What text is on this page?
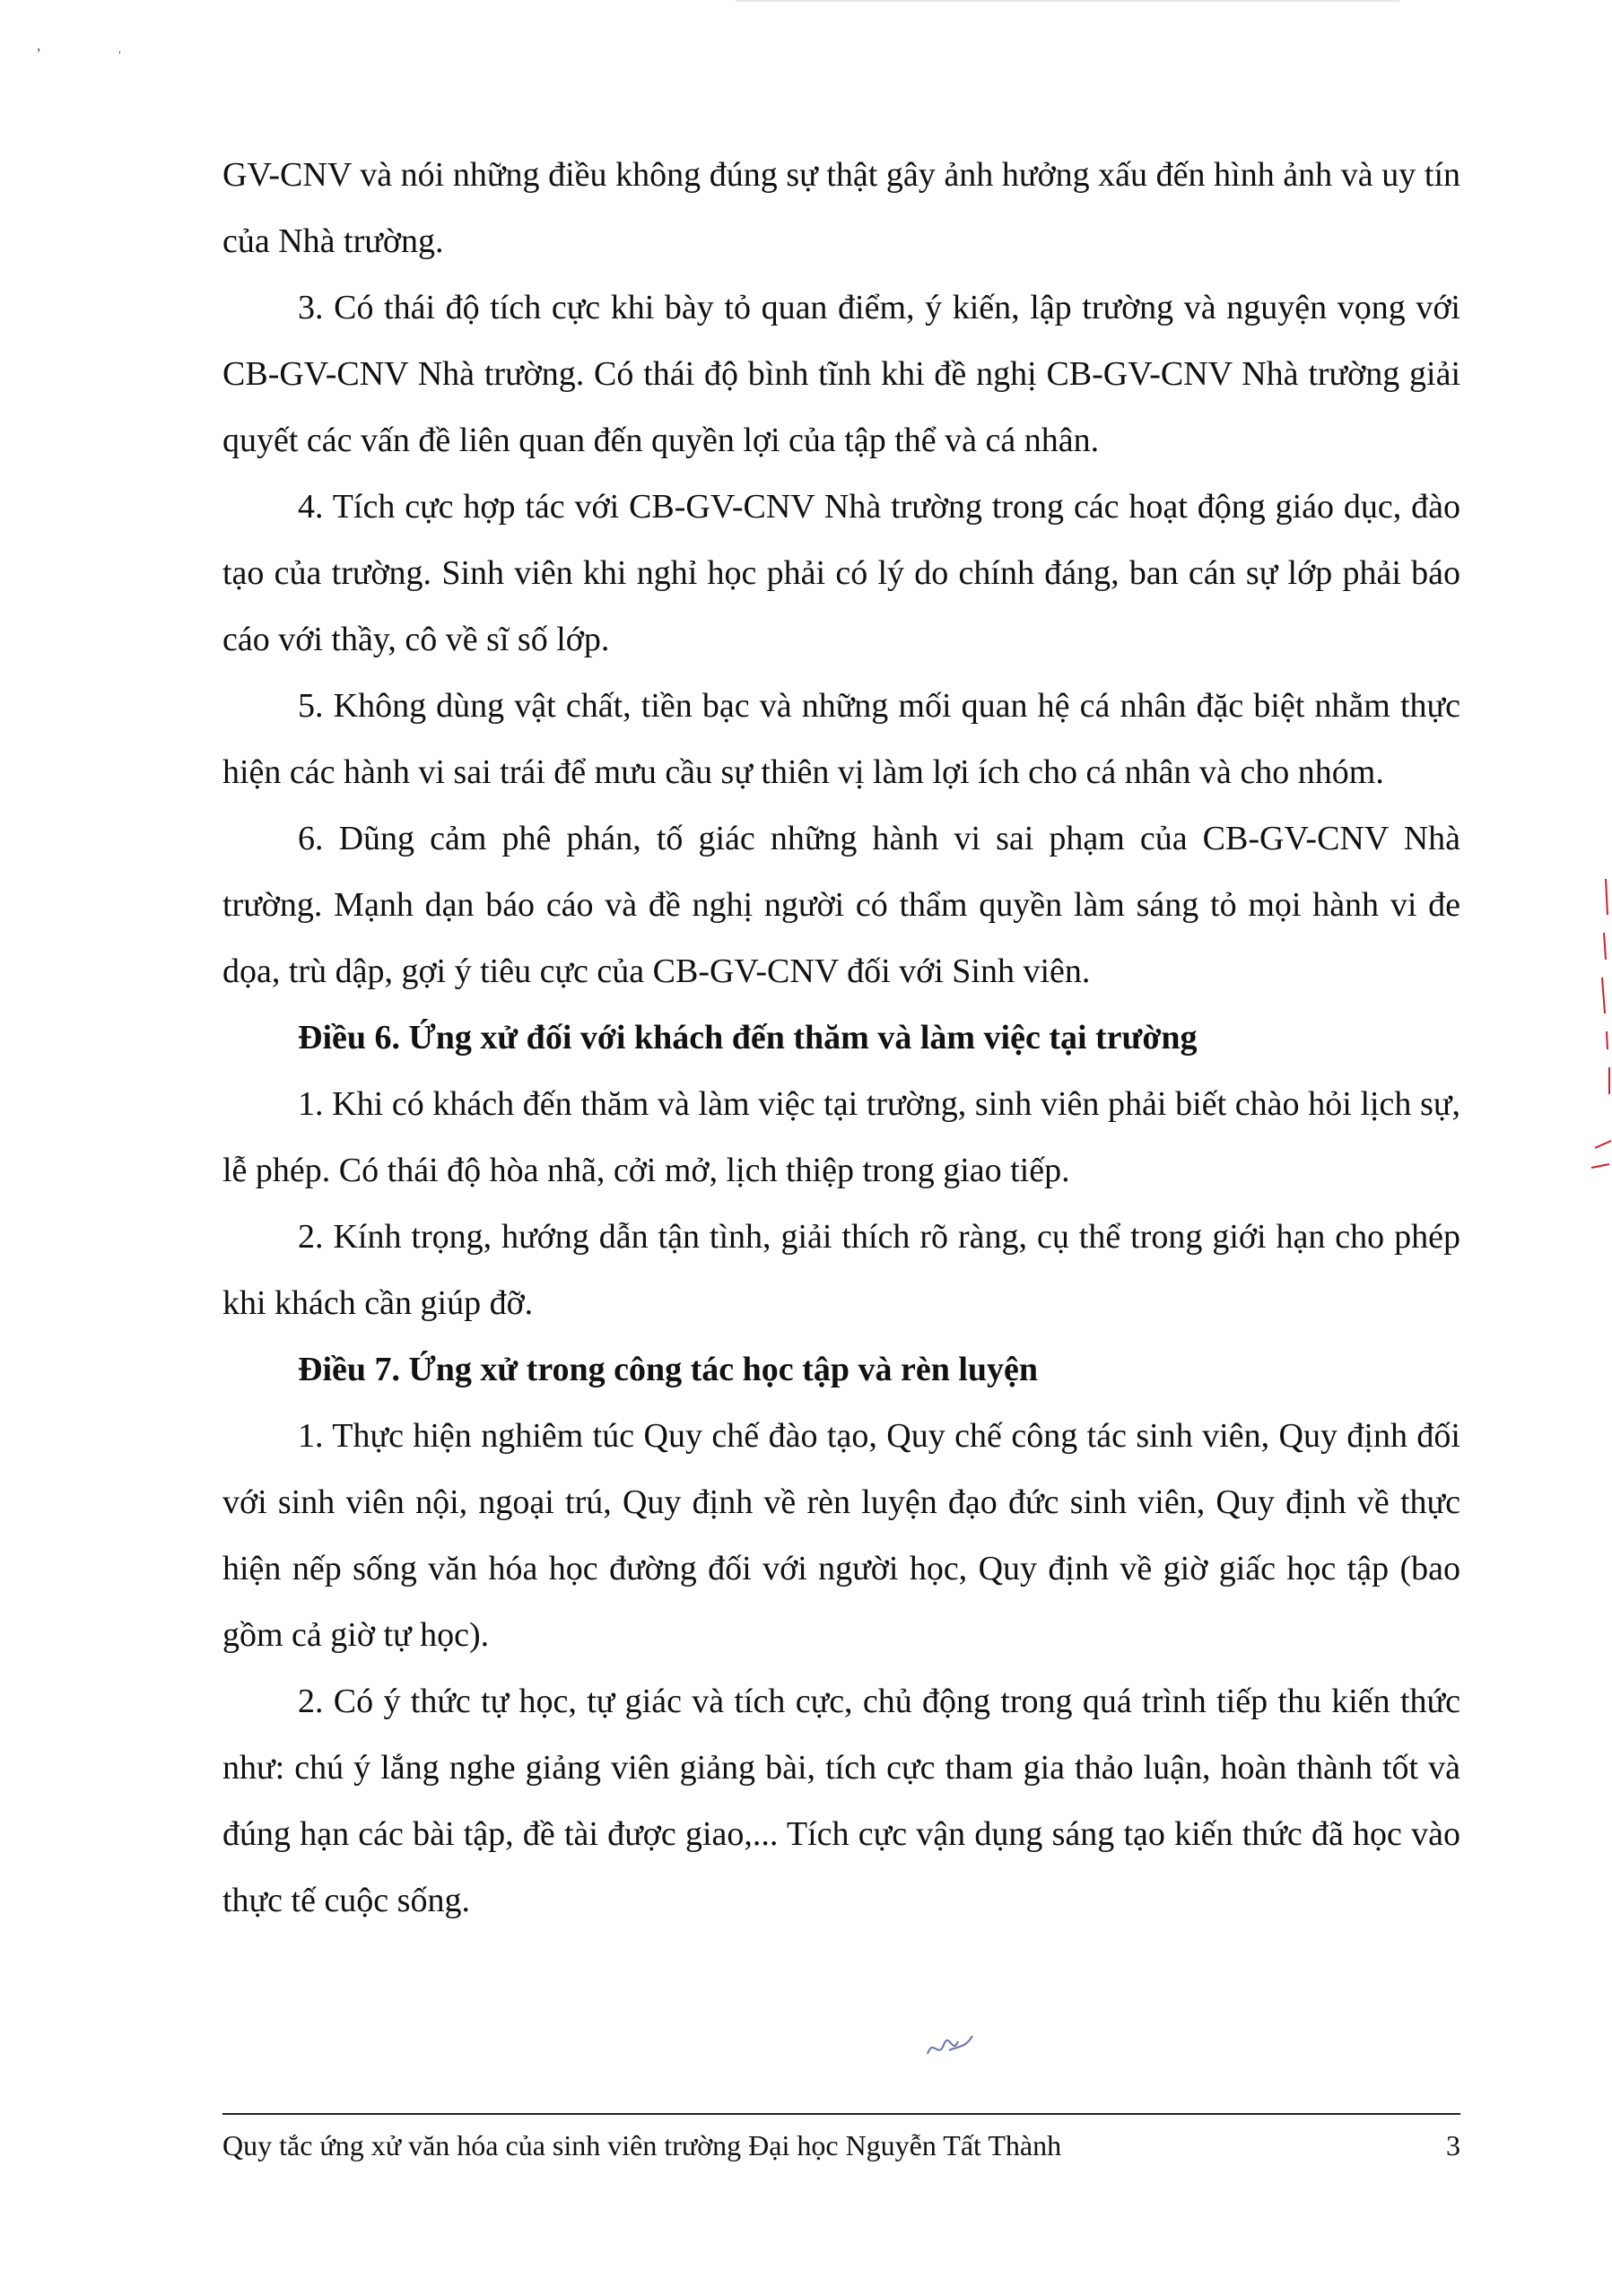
‚ ˌ

GV-CNV và nói những điều không đúng sự thật gây ảnh hưởng xấu đến hình ảnh và uy tín của Nhà trường.

3. Có thái độ tích cực khi bày tỏ quan điểm, ý kiến, lập trường và nguyện vọng với CB-GV-CNV Nhà trường. Có thái độ bình tĩnh khi đề nghị CB-GV-CNV Nhà trường giải quyết các vấn đề liên quan đến quyền lợi của tập thể và cá nhân.

4. Tích cực hợp tác với CB-GV-CNV Nhà trường trong các hoạt động giáo dục, đào tạo của trường. Sinh viên khi nghỉ học phải có lý do chính đáng, ban cán sự lớp phải báo cáo với thầy, cô về sĩ số lớp.

5. Không dùng vật chất, tiền bạc và những mối quan hệ cá nhân đặc biệt nhằm thực hiện các hành vi sai trái để mưu cầu sự thiên vị làm lợi ích cho cá nhân và cho nhóm.

6. Dũng cảm phê phán, tố giác những hành vi sai phạm của CB-GV-CNV Nhà trường. Mạnh dạn báo cáo và đề nghị người có thẩm quyền làm sáng tỏ mọi hành vi đe dọa, trù dập, gợi ý tiêu cực của CB-GV-CNV đối với Sinh viên.

Điều 6. Ứng xử đối với khách đến thăm và làm việc tại trường

1. Khi có khách đến thăm và làm việc tại trường, sinh viên phải biết chào hỏi lịch sự, lễ phép. Có thái độ hòa nhã, cởi mở, lịch thiệp trong giao tiếp.

2. Kính trọng, hướng dẫn tận tình, giải thích rõ ràng, cụ thể trong giới hạn cho phép khi khách cần giúp đỡ.

Điều 7. Ứng xử trong công tác học tập và rèn luyện

1. Thực hiện nghiêm túc Quy chế đào tạo, Quy chế công tác sinh viên, Quy định đối với sinh viên nội, ngoại trú, Quy định về rèn luyện đạo đức sinh viên, Quy định về thực hiện nếp sống văn hóa học đường đối với người học, Quy định về giờ giấc học tập (bao gồm cả giờ tự học).

2. Có ý thức tự học, tự giác và tích cực, chủ động trong quá trình tiếp thu kiến thức như: chú ý lắng nghe giảng viên giảng bài, tích cực tham gia thảo luận, hoàn thành tốt và đúng hạn các bài tập, đề tài được giao,... Tích cực vận dụng sáng tạo kiến thức đã học vào thực tế cuộc sống.

Quy tắc ứng xử văn hóa của sinh viên trường Đại học Nguyễn Tất Thành	3
